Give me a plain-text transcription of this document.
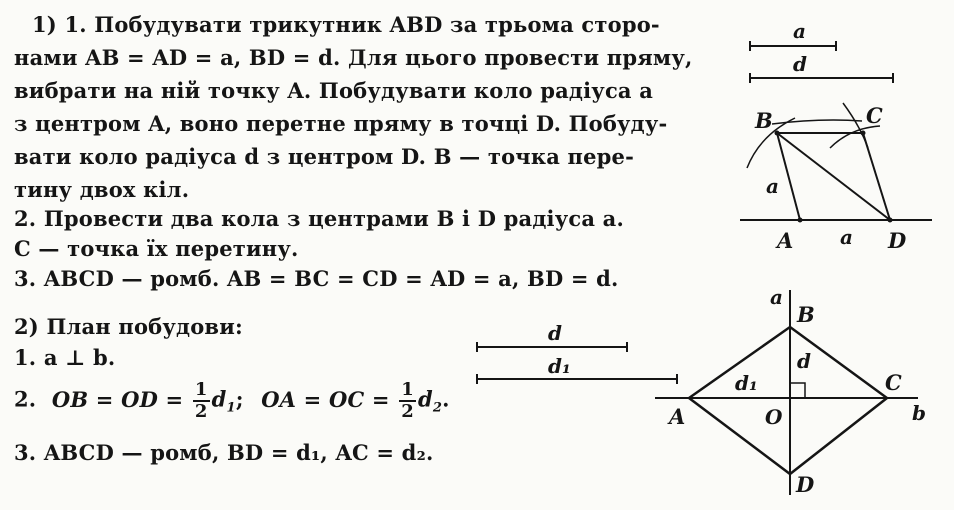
1) 1. Побудувати трикутник ABD за трьома сторо-
нами AB = AD = a, BD = d. Для цього провести пряму,
вибрати на ній точку A. Побудувати коло радіуса a
з центром A, воно перетне пряму в точці D. Побуду-
вати коло радіуса d з центром D. B — точка пере-
тину двох кіл.
2. Провести два кола з центрами B і D радіуса a.
C — точка їх перетину.
3. ABCD — ромб. AB = BC = CD = AD = a, BD = d.
2) План побудови:
1. a ⊥ b.
2. OB = OD = $\frac{1}{2} d_1$; OA = OC = $\frac{1}{2} d_2$.
3. ABCD — ромб, BD = d₁, AC = d₂.
a
d
B	C
A	D
a
a
d
d₁
a
b
B
C
A
D
O
d
d₁
